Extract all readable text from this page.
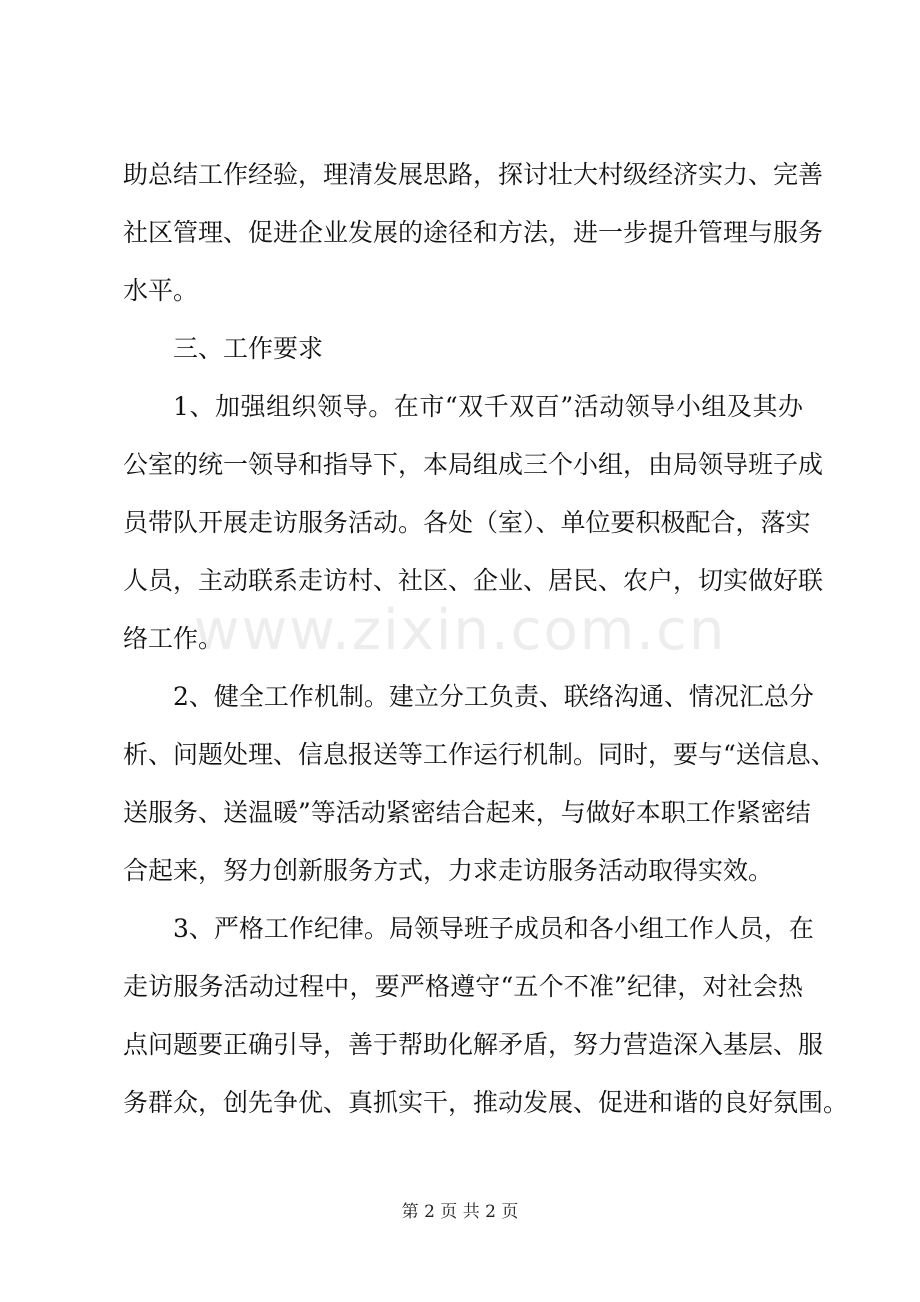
www.zixin.com.cn
助总结工作经验，理清发展思路，探讨壮大村级经济实力、完善
社区管理、促进企业发展的途径和方法，进一步提升管理与服务
水平。
三、工作要求
1、加强组织领导。在市“双千双百”活动领导小组及其办
公室的统一领导和指导下，本局组成三个小组，由局领导班子成
员带队开展走访服务活动。各处（室）、单位要积极配合，落实
人员，主动联系走访村、社区、企业、居民、农户，切实做好联
络工作。
2、健全工作机制。建立分工负责、联络沟通、情况汇总分
析、问题处理、信息报送等工作运行机制。同时，要与“送信息、
送服务、送温暖”等活动紧密结合起来，与做好本职工作紧密结
合起来，努力创新服务方式，力求走访服务活动取得实效。
3、严格工作纪律。局领导班子成员和各小组工作人员，在
走访服务活动过程中，要严格遵守“五个不准”纪律，对社会热
点问题要正确引导，善于帮助化解矛盾，努力营造深入基层、服
务群众，创先争优、真抓实干，推动发展、促进和谐的良好氛围。
第 2 页 共 2 页
